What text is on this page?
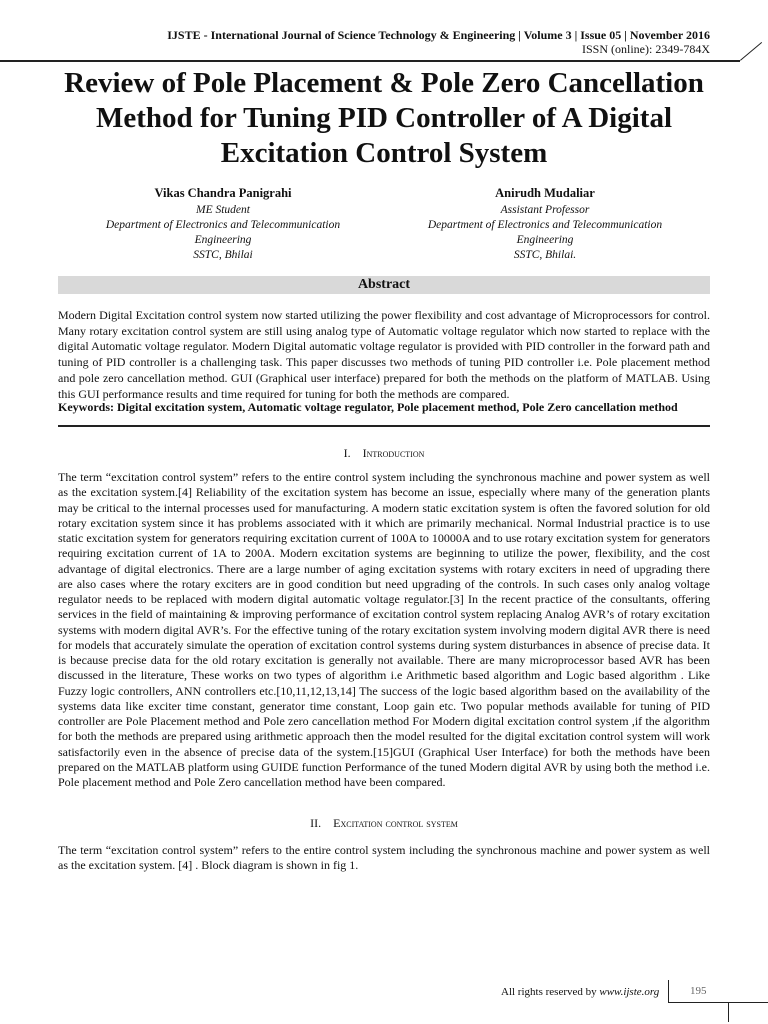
IJSTE - International Journal of Science Technology & Engineering | Volume 3 | Issue 05 | November 2016
ISSN (online): 2349-784X
Review of Pole Placement & Pole Zero Cancellation Method for Tuning PID Controller of A Digital Excitation Control System
Vikas Chandra Panigrahi
ME Student
Department of Electronics and Telecommunication
Engineering
SSTC, Bhilai
Anirudh Mudaliar
Assistant Professor
Department of Electronics and Telecommunication
Engineering
SSTC, Bhilai.
Abstract
Modern Digital Excitation control system now started utilizing the power flexibility and cost advantage of Microprocessors for control. Many rotary excitation control system are still using analog type of Automatic voltage regulator which now started to replace with the digital Automatic voltage regulator. Modern Digital automatic voltage regulator is provided with PID controller in the forward path and tuning of PID controller is a challenging task. This paper discusses two methods of tuning PID controller i.e. Pole placement method and pole zero cancellation method. GUI (Graphical user interface) prepared for both the methods on the platform of MATLAB. Using this GUI performance results and time required for tuning for both the methods are compared.
Keywords: Digital excitation system, Automatic voltage regulator, Pole placement method, Pole Zero cancellation method
I. Introduction
The term “excitation control system” refers to the entire control system including the synchronous machine and power system as well as the excitation system.[4] Reliability of the excitation system has become an issue, especially where many of the generation plants may be critical to the internal processes used for manufacturing. A modern static excitation system is often the favored solution for old rotary excitation system since it has problems associated with it which are primarily mechanical. Normal Industrial practice is to use static excitation system for generators requiring excitation current of 100A to 10000A and to use rotary excitation system for generators requiring excitation current of 1A to 200A. Modern excitation systems are beginning to utilize the power, flexibility, and the cost advantage of digital electronics. There are a large number of aging excitation systems with rotary exciters in need of upgrading there are also cases where the rotary exciters are in good condition but need upgrading of the controls. In such cases only analog voltage regulator needs to be replaced with modern digital automatic voltage regulator.[3] In the recent practice of the consultants, offering services in the field of maintaining & improving performance of excitation control system replacing Analog AVR’s of rotary excitation systems with modern digital AVR’s. For the effective tuning of the rotary excitation system involving modern digital AVR there is need for models that accurately simulate the operation of excitation control systems during system disturbances in absence of precise data. It is because precise data for the old rotary excitation is generally not available. There are many microprocessor based AVR has been discussed in the literature, These works on two types of algorithm i.e Arithmetic based algorithm and Logic based algorithm . Like Fuzzy logic controllers, ANN controllers etc.[10,11,12,13,14] The success of the logic based algorithm based on the availability of the systems data like exciter time constant, generator time constant, Loop gain etc. Two popular methods available for tuning of PID controller are Pole Placement method and Pole zero cancellation method For Modern digital excitation control system ,if the algorithm for both the methods are prepared using arithmetic approach then the model resulted for the digital excitation control system will work satisfactorily even in the absence of precise data of the system.[15]GUI (Graphical User Interface) for both the methods have been prepared on the MATLAB platform using GUIDE function Performance of the tuned Modern digital AVR by using both the method i.e. Pole placement method and Pole Zero cancellation method have been compared.
II. Excitation control system
The term “excitation control system” refers to the entire control system including the synchronous machine and power system as well as the excitation system. [4] . Block diagram is shown in fig 1.
All rights reserved by www.ijste.org	195
